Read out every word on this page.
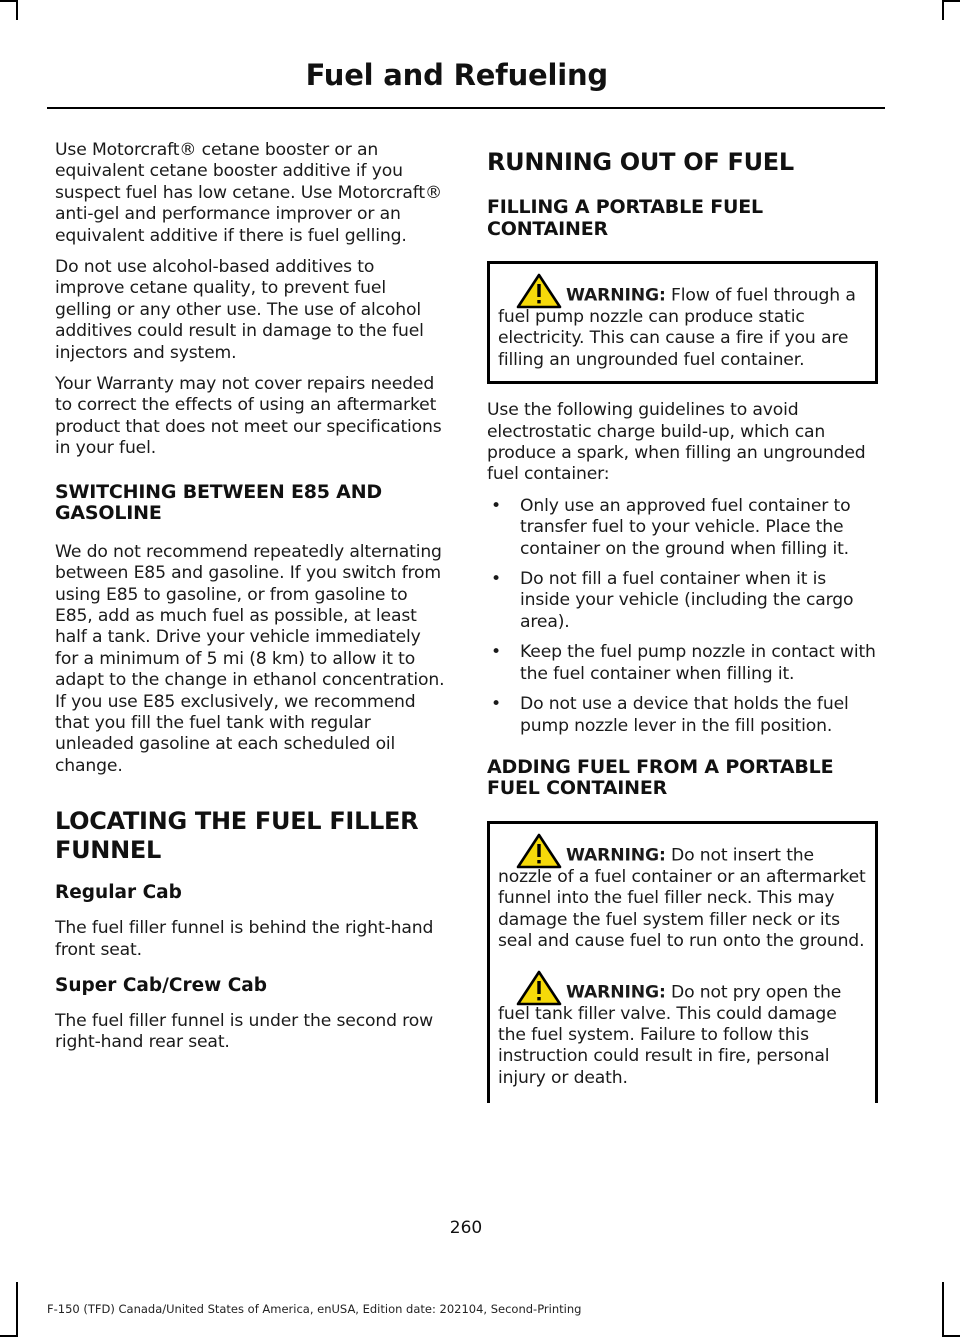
Fuel and Refueling

Use Motorcraft® cetane booster or an equivalent cetane booster additive if you suspect fuel has low cetane. Use Motorcraft® anti-gel and performance improver or an equivalent additive if there is fuel gelling.

Do not use alcohol-based additives to improve cetane quality, to prevent fuel gelling or any other use. The use of alcohol additives could result in damage to the fuel injectors and system.

Your Warranty may not cover repairs needed to correct the effects of using an aftermarket product that does not meet our specifications in your fuel.

SWITCHING BETWEEN E85 AND GASOLINE

We do not recommend repeatedly alternating between E85 and gasoline. If you switch from using E85 to gasoline, or from gasoline to E85, add as much fuel as possible, at least half a tank. Drive your vehicle immediately for a minimum of 5 mi (8 km) to allow it to adapt to the change in ethanol concentration. If you use E85 exclusively, we recommend that you fill the fuel tank with regular unleaded gasoline at each scheduled oil change.

LOCATING THE FUEL FILLER FUNNEL
Regular Cab

The fuel filler funnel is behind the right-hand front seat.

Super Cab/Crew Cab

The fuel filler funnel is under the second row right-hand rear seat.

RUNNING OUT OF FUEL
FILLING A PORTABLE FUEL CONTAINER

WARNING: Flow of fuel through a fuel pump nozzle can produce static electricity. This can cause a fire if you are filling an ungrounded fuel container.

Use the following guidelines to avoid electrostatic charge build-up, which can produce a spark, when filling an ungrounded fuel container:

• Only use an approved fuel container to transfer fuel to your vehicle. Place the container on the ground when filling it.
• Do not fill a fuel container when it is inside your vehicle (including the cargo area).
• Keep the fuel pump nozzle in contact with the fuel container when filling it.
• Do not use a device that holds the fuel pump nozzle lever in the fill position.
ADDING FUEL FROM A PORTABLE FUEL CONTAINER

WARNING: Do not insert the nozzle of a fuel container or an aftermarket funnel into the fuel filler neck. This may damage the fuel system filler neck or its seal and cause fuel to run onto the ground.

WARNING: Do not pry open the fuel tank filler valve. This could damage the fuel system. Failure to follow this instruction could result in fire, personal injury or death.

260
F-150 (TFD) Canada/United States of America, enUSA, Edition date: 202104, Second-Printing
